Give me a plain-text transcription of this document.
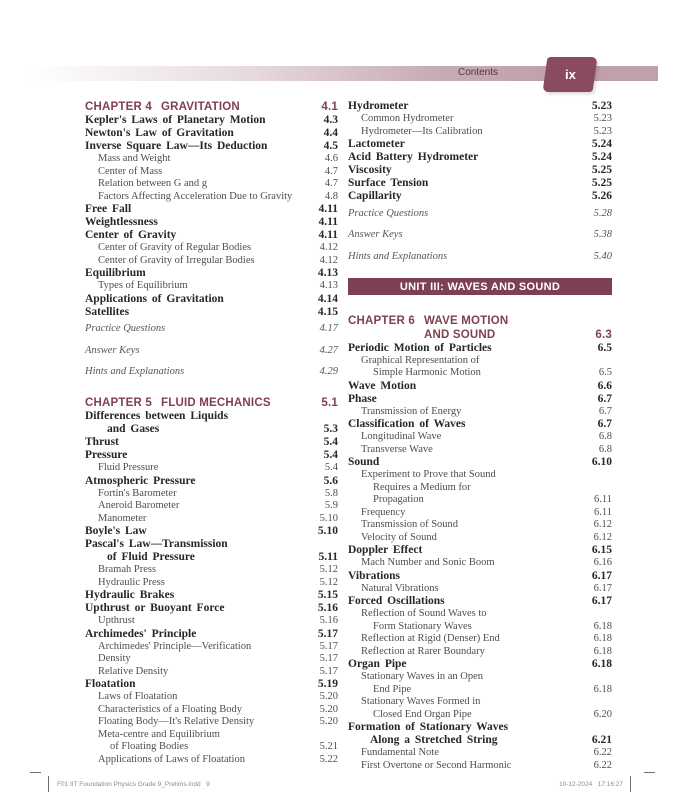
Contents	ix
CHAPTER 4 GRAVITATION	4.1
Kepler's Laws of Planetary Motion	4.3
Newton's Law of Gravitation	4.4
Inverse Square Law—Its Deduction	4.5
Mass and Weight	4.6
Center of Mass	4.7
Relation between G and g	4.7
Factors Affecting Acceleration Due to Gravity	4.8
Free Fall	4.11
Weightlessness	4.11
Center of Gravity	4.11
Center of Gravity of Regular Bodies	4.12
Center of Gravity of Irregular Bodies	4.12
Equilibrium	4.13
Types of Equilibrium	4.13
Applications of Gravitation	4.14
Satellites	4.15
Practice Questions	4.17
Answer Keys	4.27
Hints and Explanations	4.29
CHAPTER 5 FLUID MECHANICS	5.1
Differences between Liquids
and Gases	5.3
Thrust	5.4
Pressure	5.4
Fluid Pressure	5.4
Atmospheric Pressure	5.6
Fortin's Barometer	5.8
Aneroid Barometer	5.9
Manometer	5.10
Boyle's Law	5.10
Pascal's Law—Transmission
of Fluid Pressure	5.11
Bramah Press	5.12
Hydraulic Press	5.12
Hydraulic Brakes	5.15
Upthrust or Buoyant Force	5.16
Upthrust	5.16
Archimedes' Principle	5.17
Archimedes' Principle—Verification	5.17
Density	5.17
Relative Density	5.17
Floatation	5.19
Laws of Floatation	5.20
Characteristics of a Floating Body	5.20
Floating Body—It's Relative Density	5.20
Meta-centre and Equilibrium
of Floating Bodies	5.21
Applications of Laws of Floatation	5.22
Hydrometer	5.23
Common Hydrometer	5.23
Hydrometer—Its Calibration	5.23
Lactometer	5.24
Acid Battery Hydrometer	5.24
Viscosity	5.25
Surface Tension	5.25
Capillarity	5.26
Practice Questions	5.28
Answer Keys	5.38
Hints and Explanations	5.40
UNIT III: WAVES AND SOUND
CHAPTER 6 WAVE MOTION
AND SOUND	6.3
Periodic Motion of Particles	6.5
Graphical Representation of
Simple Harmonic Motion	6.5
Wave Motion	6.6
Phase	6.7
Transmission of Energy	6.7
Classification of Waves	6.7
Longitudinal Wave	6.8
Transverse Wave	6.8
Sound	6.10
Experiment to Prove that Sound
Requires a Medium for
Propagation	6.11
Frequency	6.11
Transmission of Sound	6.12
Velocity of Sound	6.12
Doppler Effect	6.15
Mach Number and Sonic Boom	6.16
Vibrations	6.17
Natural Vibrations	6.17
Forced Oscillations	6.17
Reflection of Sound Waves to
Form Stationary Waves	6.18
Reflection at Rigid (Denser) End	6.18
Reflection at Rarer Boundary	6.18
Organ Pipe	6.18
Stationary Waves in an Open
End Pipe	6.18
Stationary Waves Formed in
Closed End Organ Pipe	6.20
Formation of Stationary Waves
Along a Stretched String	6.21
Fundamental Note	6.22
First Overtone or Second Harmonic	6.22
F01 IIT Foundation Physics Grade 9_Prelims.indd   9	10-12-2024   17:16:27
